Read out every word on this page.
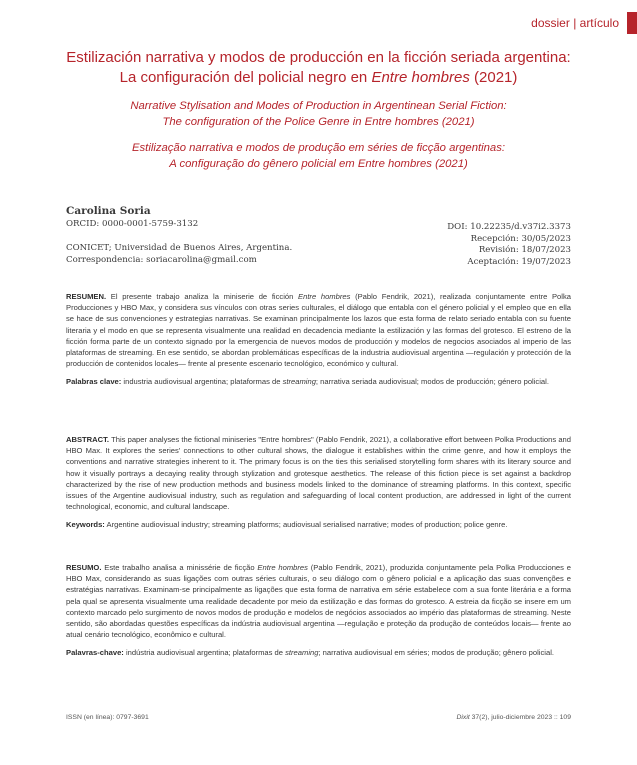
dossier | artículo
Estilización narrativa y modos de producción en la ficción seriada argentina:
La configuración del policial negro en Entre hombres (2021)
Narrative Stylisation and Modes of Production in Argentinean Serial Fiction:
The configuration of the Police Genre in Entre hombres (2021)
Estilização narrativa e modos de produção em séries de ficção argentinas:
A configuração do gênero policial em Entre hombres (2021)
Carolina Soria
ORCID: 0000-0001-5759-3132
CONICET; Universidad de Buenos Aires, Argentina.
Correspondencia: soriacarolina@gmail.com
DOI: 10.22235/d.v37i2.3373
Recepción: 30/05/2023
Revisión: 18/07/2023
Aceptación: 19/07/2023

RESUMEN. El presente trabajo analiza la miniserie de ficción Entre hombres (Pablo Fendrik, 2021), realizada conjuntamente entre Polka Producciones y HBO Max, y considera sus vínculos con otras series culturales, el diálogo que entabla con el género policial y el empleo que en ella se hace de sus convenciones y estrategias narrativas. Se examinan principalmente los lazos que esta forma de relato seriado entabla con su fuente literaria y el modo en que se representa visualmente una realidad en decadencia mediante la estilización y las formas del grotesco. El estreno de la ficción forma parte de un contexto signado por la emergencia de nuevos modos de producción y modelos de negocios asociados al imperio de las plataformas de streaming. En ese sentido, se abordan problemáticas específicas de la industria audiovisual argentina —regulación y protección de la producción de contenidos locales— frente al presente escenario tecnológico, económico y cultural.

Palabras clave: industria audiovisual argentina; plataformas de streaming; narrativa seriada audiovisual; modos de producción; género policial.

ABSTRACT. This paper analyses the fictional miniseries "Entre hombres" (Pablo Fendrik, 2021), a collaborative effort between Polka Productions and HBO Max. It explores the series' connections to other cultural shows, the dialogue it establishes within the crime genre, and how it employs the conventions and narrative strategies inherent to it. The primary focus is on the ties this serialised storytelling form shares with its literary source and how it visually portrays a decaying reality through stylization and grotesque aesthetics. The release of this fiction piece is set against a backdrop characterized by the rise of new production methods and business models linked to the dominance of streaming platforms. In this context, specific issues of the Argentine audiovisual industry, such as regulation and safeguarding of local content production, are addressed in light of the current technological, economic, and cultural landscape.

Keywords: Argentine audiovisual industry; streaming platforms; audiovisual serialised narrative; modes of production; police genre.

RESUMO. Este trabalho analisa a minissérie de ficção Entre hombres (Pablo Fendrik, 2021), produzida conjuntamente pela Polka Producciones e HBO Max, considerando as suas ligações com outras séries culturais, o seu diálogo com o gênero policial e a aplicação das suas convenções e estratégias narrativas. Examinam-se principalmente as ligações que esta forma de narrativa em série estabelece com a sua fonte literária e a forma pela qual se apresenta visualmente uma realidade decadente por meio da estilização e das formas do grotesco. A estreia da ficção se insere em um contexto marcado pelo surgimento de novos modos de produção e modelos de negócios associados ao império das plataformas de streaming. Neste sentido, são abordadas questões específicas da indústria audiovisual argentina —regulação e proteção da produção de conteúdos locais— frente ao atual cenário tecnológico, econômico e cultural.

Palavras-chave: indústria audiovisual argentina; plataformas de streaming; narrativa audiovisual em séries; modos de produção; gênero policial.

ISSN (en línea): 0797-3691	Dixit 37(2), julio-diciembre 2023 :: 109
